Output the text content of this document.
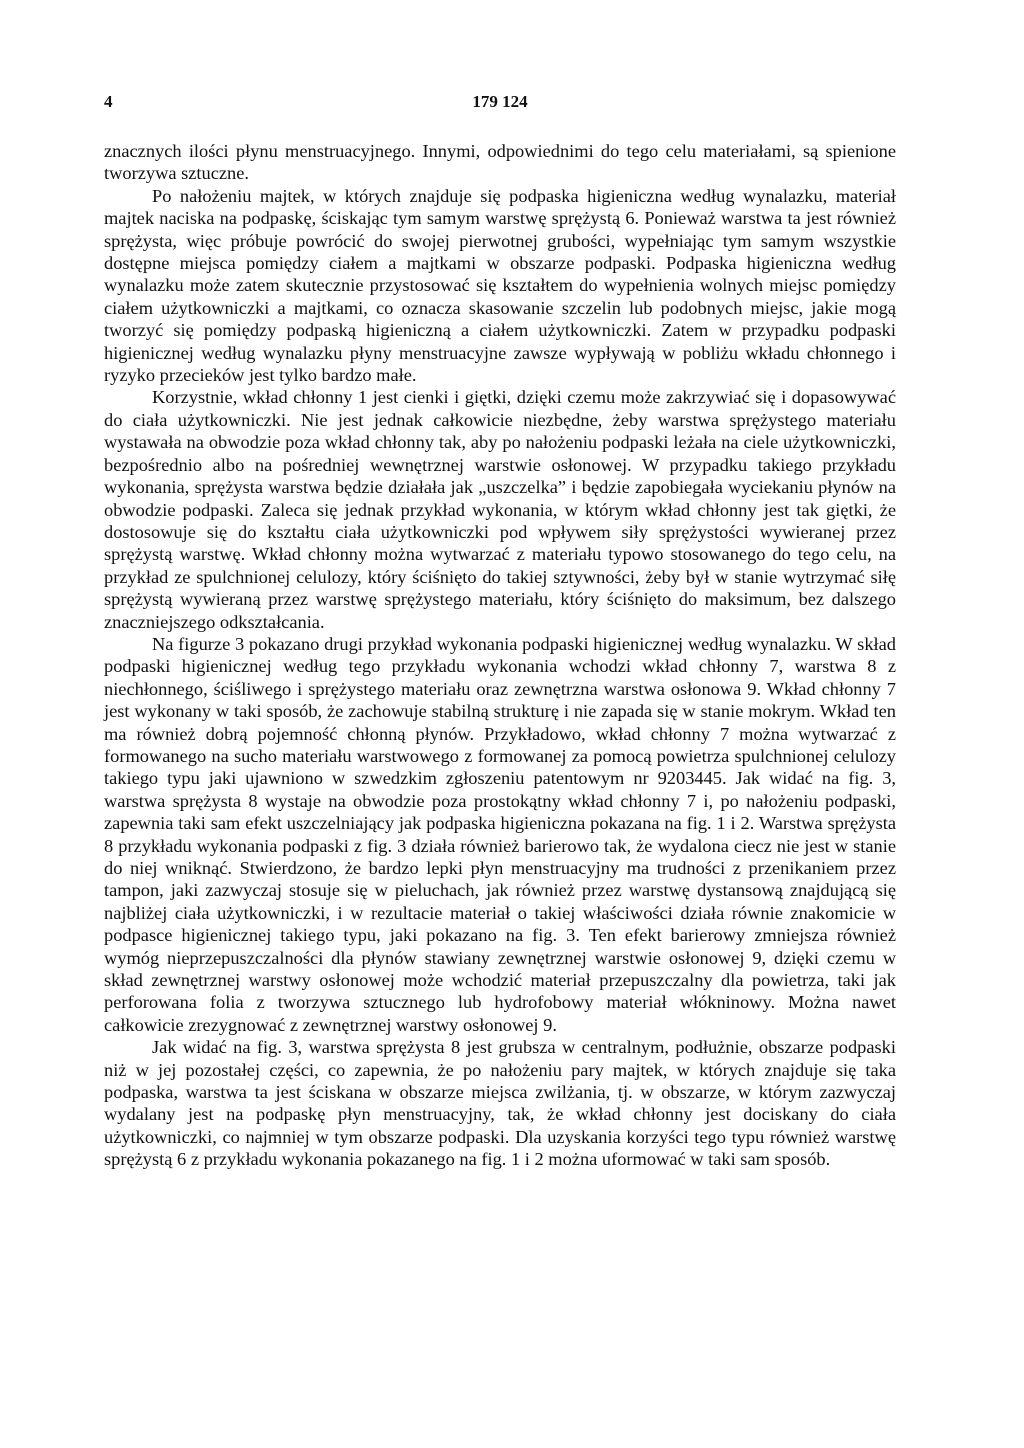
4	179 124

znacznych ilości płynu menstruacyjnego. Innymi, odpowiednimi do tego celu materiałami, są spienione tworzywa sztuczne.

Po nałożeniu majtek, w których znajduje się podpaska higieniczna według wynalazku, materiał majtek naciska na podpaskę, ściskając tym samym warstwę sprężystą 6. Ponieważ warstwa ta jest również sprężysta, więc próbuje powrócić do swojej pierwotnej grubości, wypełniając tym samym wszystkie dostępne miejsca pomiędzy ciałem a majtkami w obszarze podpaski. Podpaska higieniczna według wynalazku może zatem skutecznie przystosować się kształtem do wypełnienia wolnych miejsc pomiędzy ciałem użytkowniczki a majtkami, co oznacza skasowanie szczelin lub podobnych miejsc, jakie mogą tworzyć się pomiędzy podpaską higieniczną a ciałem użytkowniczki. Zatem w przypadku podpaski higienicznej według wynalazku płyny menstruacyjne zawsze wypływają w pobliżu wkładu chłonnego i ryzyko przecieków jest tylko bardzo małe.

Korzystnie, wkład chłonny 1 jest cienki i giętki, dzięki czemu może zakrzywiać się i dopasowywać do ciała użytkowniczki. Nie jest jednak całkowicie niezbędne, żeby warstwa sprężystego materiału wystawała na obwodzie poza wkład chłonny tak, aby po nałożeniu podpaski leżała na ciele użytkowniczki, bezpośrednio albo na pośredniej wewnętrznej warstwie osłonowej. W przypadku takiego przykładu wykonania, sprężysta warstwa będzie działała jak „uszczelka” i będzie zapobiegała wyciekaniu płynów na obwodzie podpaski. Zaleca się jednak przykład wykonania, w którym wkład chłonny jest tak giętki, że dostosowuje się do kształtu ciała użytkowniczki pod wpływem siły sprężystości wywieranej przez sprężystą warstwę. Wkład chłonny można wytwarzać z materiału typowo stosowanego do tego celu, na przykład ze spulchnionej celulozy, który ściśnięto do takiej sztywności, żeby był w stanie wytrzymać siłę sprężystą wywieraną przez warstwę sprężystego materiału, który ściśnięto do maksimum, bez dalszego znaczniejszego odkształcania.

Na figurze 3 pokazano drugi przykład wykonania podpaski higienicznej według wynalazku. W skład podpaski higienicznej według tego przykładu wykonania wchodzi wkład chłonny 7, warstwa 8 z niechłonnego, ściśliwego i sprężystego materiału oraz zewnętrzna warstwa osłonowa 9. Wkład chłonny 7 jest wykonany w taki sposób, że zachowuje stabilną strukturę i nie zapada się w stanie mokrym. Wkład ten ma również dobrą pojemność chłonną płynów. Przykładowo, wkład chłonny 7 można wytwarzać z formowanego na sucho materiału warstwowego z formowanej za pomocą powietrza spulchnionej celulozy takiego typu jaki ujawniono w szwedzkim zgłoszeniu patentowym nr 9203445. Jak widać na fig. 3, warstwa sprężysta 8 wystaje na obwodzie poza prostokątny wkład chłonny 7 i, po nałożeniu podpaski, zapewnia taki sam efekt uszczelniający jak podpaska higieniczna pokazana na fig. 1 i 2. Warstwa sprężysta 8 przykładu wykonania podpaski z fig. 3 działa również barierowo tak, że wydalona ciecz nie jest w stanie do niej wniknąć. Stwierdzono, że bardzo lepki płyn menstruacyjny ma trudności z przenikaniem przez tampon, jaki zazwyczaj stosuje się w pieluchach, jak również przez warstwę dystansową znajdującą się najbliżej ciała użytkowniczki, i w rezultacie materiał o takiej właściwości działa równie znakomicie w podpasce higienicznej takiego typu, jaki pokazano na fig. 3. Ten efekt barierowy zmniejsza również wymóg nieprzepuszczalności dla płynów stawiany zewnętrznej warstwie osłonowej 9, dzięki czemu w skład zewnętrznej warstwy osłonowej może wchodzić materiał przepuszczalny dla powietrza, taki jak perforowana folia z tworzywa sztucznego lub hydrofobowy materiał włókninowy. Można nawet całkowicie zrezygnować z zewnętrznej warstwy osłonowej 9.

Jak widać na fig. 3, warstwa sprężysta 8 jest grubsza w centralnym, podłużnie, obszarze podpaski niż w jej pozostałej części, co zapewnia, że po nałożeniu pary majtek, w których znajduje się taka podpaska, warstwa ta jest ściskana w obszarze miejsca zwilżania, tj. w obszarze, w którym zazwyczaj wydalany jest na podpaskę płyn menstruacyjny, tak, że wkład chłonny jest dociskany do ciała użytkowniczki, co najmniej w tym obszarze podpaski. Dla uzyskania korzyści tego typu również warstwę sprężystą 6 z przykładu wykonania pokazanego na fig. 1 i 2 można uformować w taki sam sposób.
